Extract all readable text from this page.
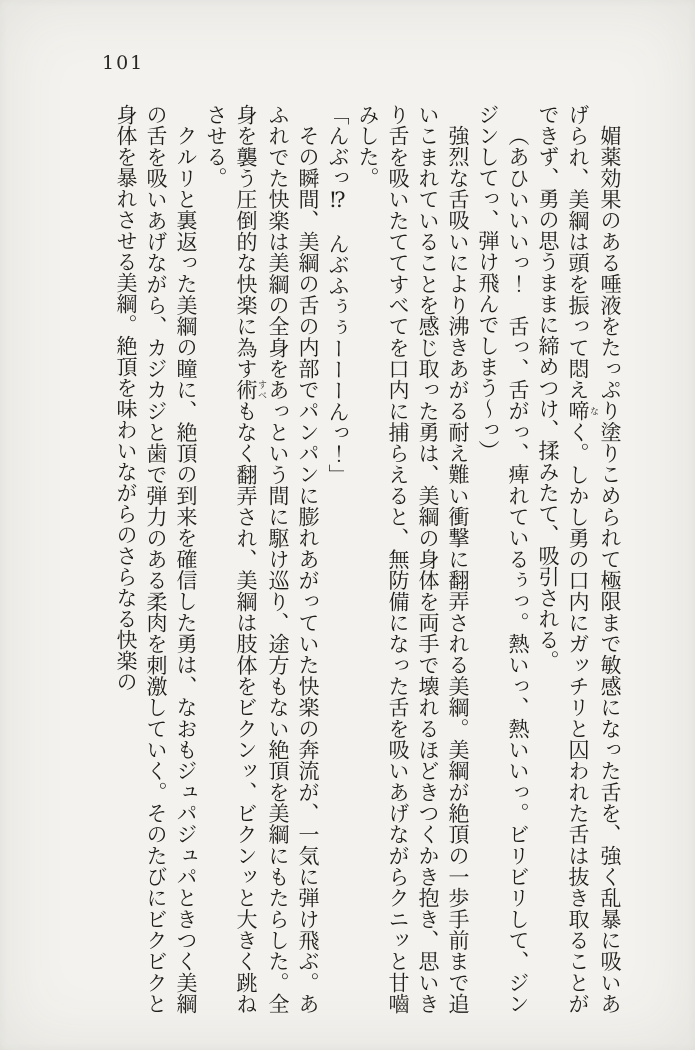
101

媚薬効果のある唾液をたっぷり塗りこめられて極限まで敏感になった舌を、強く乱暴に吸いあげられ、美綱は頭を振って悶え啼 なく。しかし勇の口内にガッチリと囚われた舌は抜き取ることができず、勇の思うままに締めつけ、揉みたて、吸引される。

（あひいいいっ！　舌っ、舌がっ、痺れているぅっ。熱いっ、熱いいっ。ビリビリして、ジンジンしてっ、弾け飛んでしまう～っ）

強烈な舌吸いにより沸きあがる耐え難い衝撃に翻弄される美綱。美綱が絶頂の一歩手前まで追いこまれていることを感じ取った勇は、美綱の身体を両手で壊れるほどきつくかき抱き、思いきり舌を吸いたててすべてを口内に捕らえると、無防備になった舌を吸いあげながらクニッと甘嚙みした。

「んぶっ⁉　んぶふぅぅーーーんっ！」

その瞬間、美綱の舌の内部でパンパンに膨れあがっていた快楽の奔流が、一気に弾け飛ぶ。あふれでた快楽は美綱の全身をあっという間に駆け巡り、途方もない絶頂を美綱にもたらした。全身を襲う圧倒的な快楽に為す術 すべもなく翻弄され、美綱は肢体をビクンッ、ビクンッと大きく跳ねさせる。

クルリと裏返った美綱の瞳に、絶頂の到来を確信した勇は、なおもジュパジュパときつく美綱の舌を吸いあげながら、カジカジと歯で弾力のある柔肉を刺激していく。そのたびにビクビクと身体を暴れさせる美綱。絶頂を味わいながらのさらなる快楽の
